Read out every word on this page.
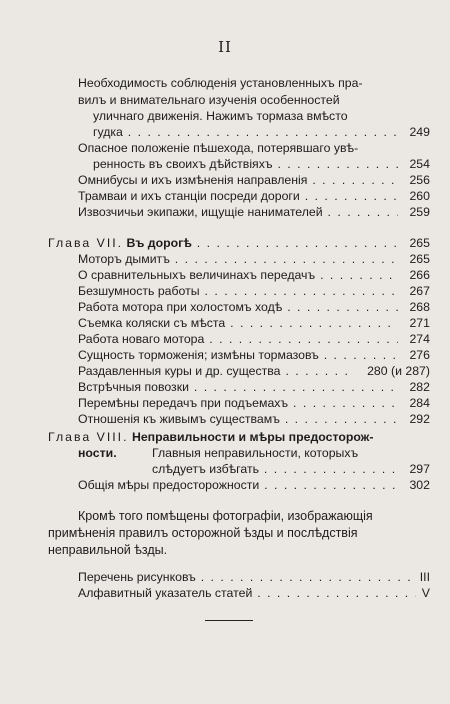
II
Необходимость соблюденія установленныхъ пра-
вилъ и внимательнаго изученія особенностей
уличнаго движенія. Нажимъ тормаза вмѣсто
гудка . . .	249
Опасное положеніе пѣшехода, потерявшаго увѣ-
ренность въ своихъ дѣйствіяхъ . . .	254
Омнибусы и ихъ измѣненія направленія . . .	256
Трамваи и ихъ станціи посреди дороги . . .	260
Извозчичьи экипажи, ищущіе нанимателей . . .	259
Глава VII. Въ дорогѣ . . .	265
Моторъ дымитъ . . .	265
О сравнительныхъ величинахъ передачъ . . .	266
Безшумность работы . . .	267
Работа мотора при холостомъ ходѣ . . .	268
Съемка коляски съ мѣста . . .	271
Работа новаго мотора . . .	274
Сущность торможенія; измѣны тормазовъ . . .	276
Раздавленныя куры и др. существа . . .	280 (и 287)
Встрѣчныя повозки . . .	282
Перемѣны передачъ при подъемахъ . . .	284
Отношенія къ живымъ существамъ . . .	292
Глава VIII. Неправильности и мѣры предосторож-
ности.	Главныя неправильности, которыхъ
слѣдуетъ избѣгать . . .	297
Общія мѣры предосторожности . . .	302
Кромѣ того помѣщены фотографіи, изображающія
примѣненія правилъ осторожной ѣзды и послѣдствія
неправильной ѣзды.
Перечень рисунковъ . . .	III
Алфавитный указатель статей . . .	V
